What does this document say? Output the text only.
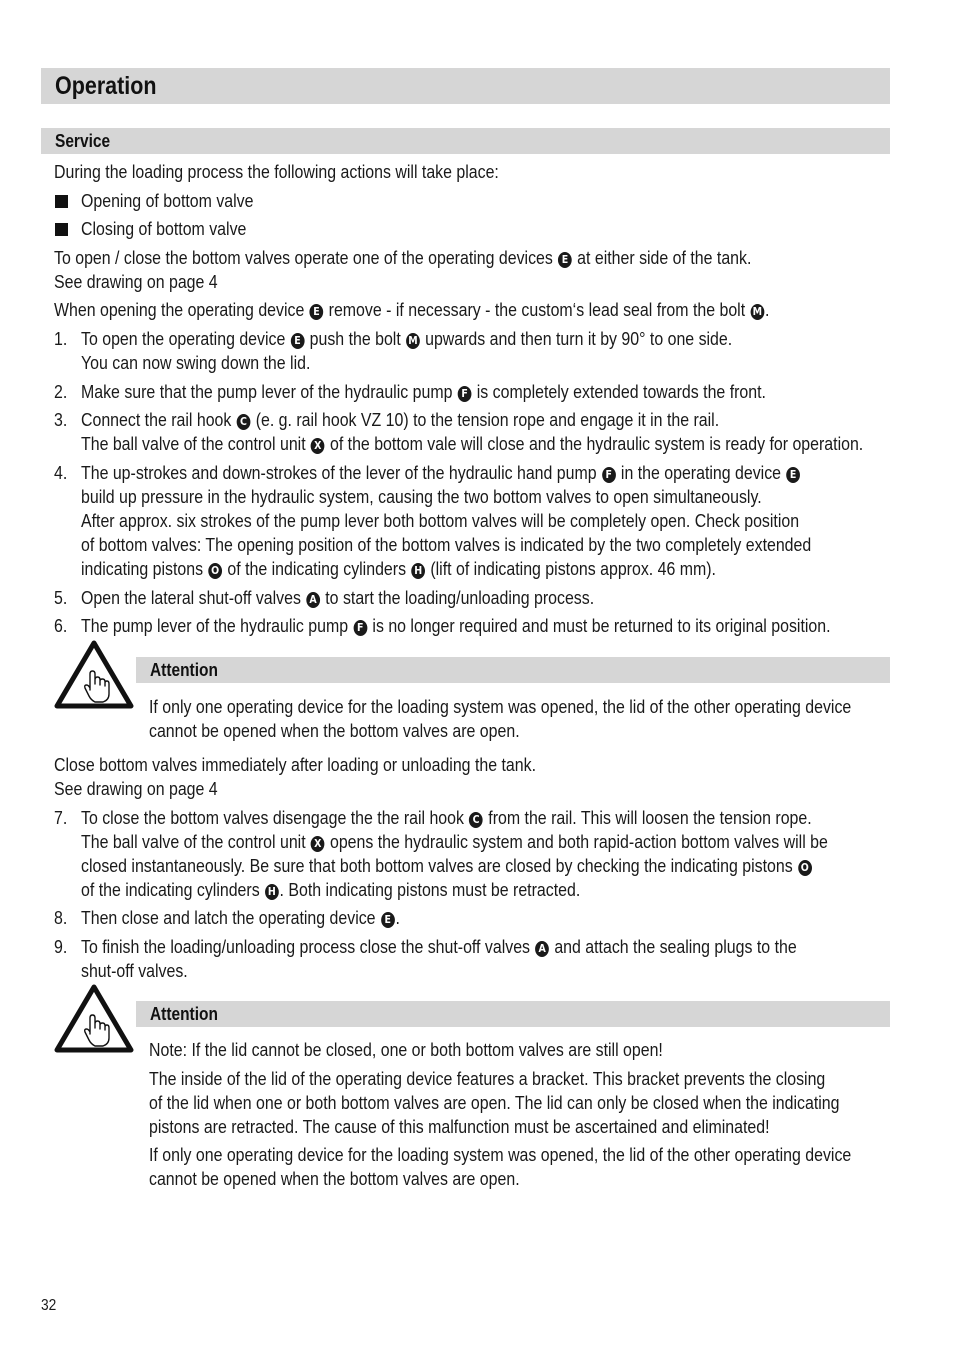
Operation
Service
During the loading process the following actions will take place:
Opening of bottom valve
Closing of bottom valve
To open / close the bottom valves operate one of the operating devices E at either side of the tank.
See drawing on page 4
When opening the operating device E remove - if necessary - the custom‘s lead seal from the bolt M .
1. To open the operating device E push the bolt M upwards and then turn it by 90° to one side.
You can now swing down the lid.
2. Make sure that the pump lever of the hydraulic pump F is completely extended towards the front.
3. Connect the rail hook C (e. g. rail hook VZ 10) to the tension rope and engage it in the rail.
The ball valve of the control unit X of the bottom vale will close and the hydraulic system is ready for operation.
4. The up-strokes and down-strokes of the lever of the hydraulic hand pump F in the operating device E
build up pressure in the hydraulic system, causing the two bottom valves to open simultaneously.
After approx. six strokes of the pump lever both bottom valves will be completely open. Check position
of bottom valves: The opening position of the bottom valves is indicated by the two completely extended
indicating pistons O of the indicating cylinders H (lift of indicating pistons approx. 46 mm).
5. Open the lateral shut-off valves A to start the loading/unloading process.
6. The pump lever of the hydraulic pump F is no longer required and must be returned to its original position.
Attention
If only one operating device for the loading system was opened, the lid of the other operating device
cannot be opened when the bottom valves are open.
Close bottom valves immediately after loading or unloading the tank.
See drawing on page 4
7. To close the bottom valves disengage the the rail hook C from the rail. This will loosen the tension rope.
The ball valve of the control unit X opens the hydraulic system and both rapid-action bottom valves will be
closed instantaneously. Be sure that both bottom valves are closed by checking the indicating pistons O
of the indicating cylinders H . Both indicating pistons must be retracted.
8. Then close and latch the operating device E .
9. To finish the loading/unloading process close the shut-off valves A and attach the sealing plugs to the
shut-off valves.
Attention
Note: If the lid cannot be closed, one or both bottom valves are still open!
The inside of the lid of the operating device features a bracket. This bracket prevents the closing
of the lid when one or both bottom valves are open. The lid can only be closed when the indicating
pistons are retracted. The cause of this malfunction must be ascertained and eliminated!
If only one operating device for the loading system was opened, the lid of the other operating device
cannot be opened when the bottom valves are open.
32
